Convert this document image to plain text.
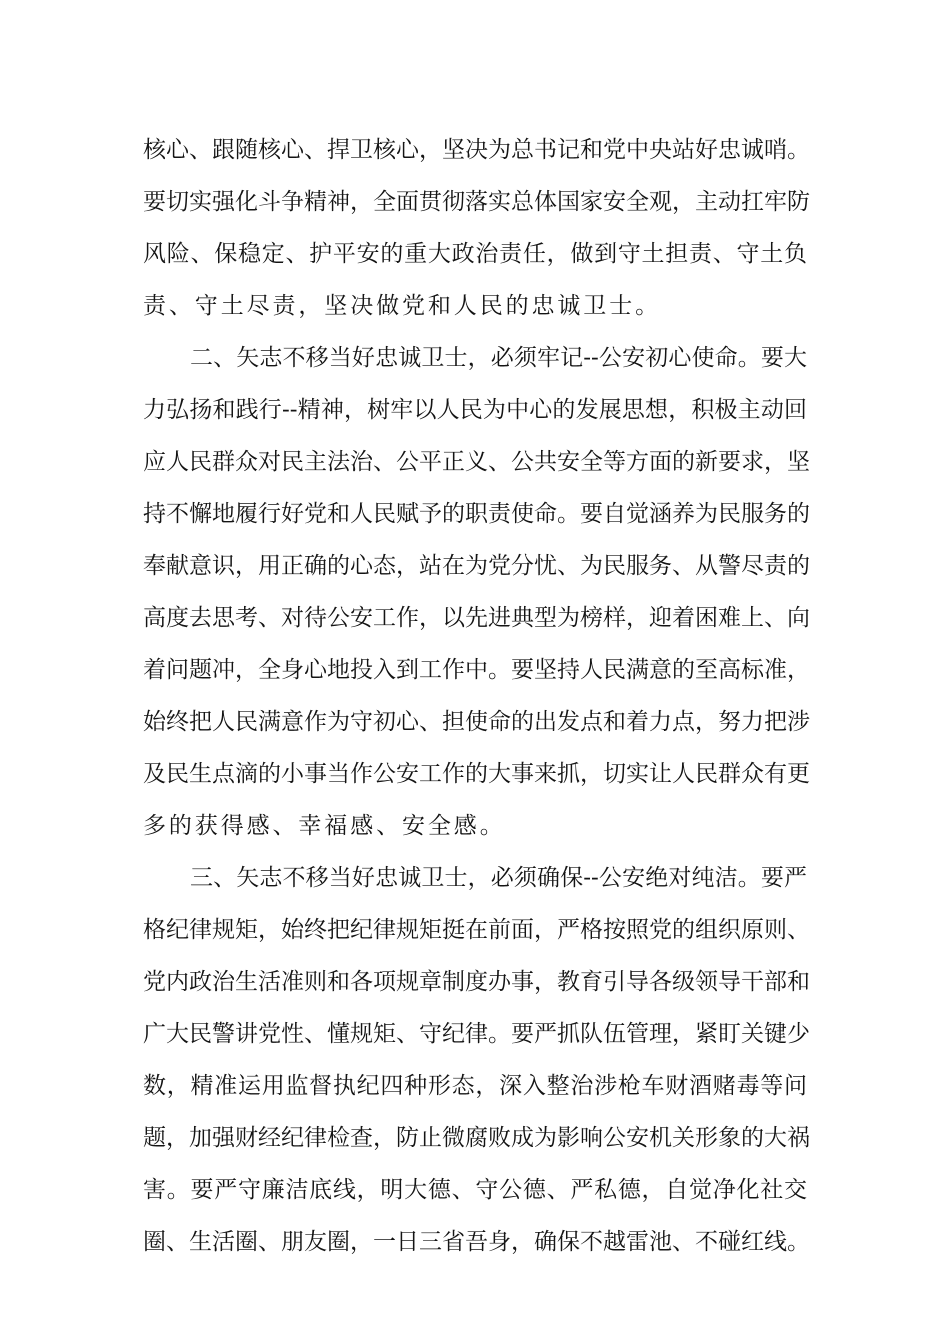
核心、跟随核心、捍卫核心，坚决为总书记和党中央站好忠诚哨。
要切实强化斗争精神，全面贯彻落实总体国家安全观，主动扛牢防
风险、保稳定、护平安的重大政治责任，做到守土担责、守土负
责、守土尽责，坚决做党和人民的忠诚卫士。
二、矢志不移当好忠诚卫士，必须牢记--公安初心使命。要大
力弘扬和践行--精神，树牢以人民为中心的发展思想，积极主动回
应人民群众对民主法治、公平正义、公共安全等方面的新要求，坚
持不懈地履行好党和人民赋予的职责使命。要自觉涵养为民服务的
奉献意识，用正确的心态，站在为党分忧、为民服务、从警尽责的
高度去思考、对待公安工作，以先进典型为榜样，迎着困难上、向
着问题冲，全身心地投入到工作中。要坚持人民满意的至高标准，
始终把人民满意作为守初心、担使命的出发点和着力点，努力把涉
及民生点滴的小事当作公安工作的大事来抓，切实让人民群众有更
多的获得感、幸福感、安全感。
三、矢志不移当好忠诚卫士，必须确保--公安绝对纯洁。要严
格纪律规矩，始终把纪律规矩挺在前面，严格按照党的组织原则、
党内政治生活准则和各项规章制度办事，教育引导各级领导干部和
广大民警讲党性、懂规矩、守纪律。要严抓队伍管理，紧盯关键少
数，精准运用监督执纪四种形态，深入整治涉枪车财酒赌毒等问
题，加强财经纪律检查，防止微腐败成为影响公安机关形象的大祸
害。要严守廉洁底线，明大德、守公德、严私德，自觉净化社交
圈、生活圈、朋友圈，一日三省吾身，确保不越雷池、不碰红线。
